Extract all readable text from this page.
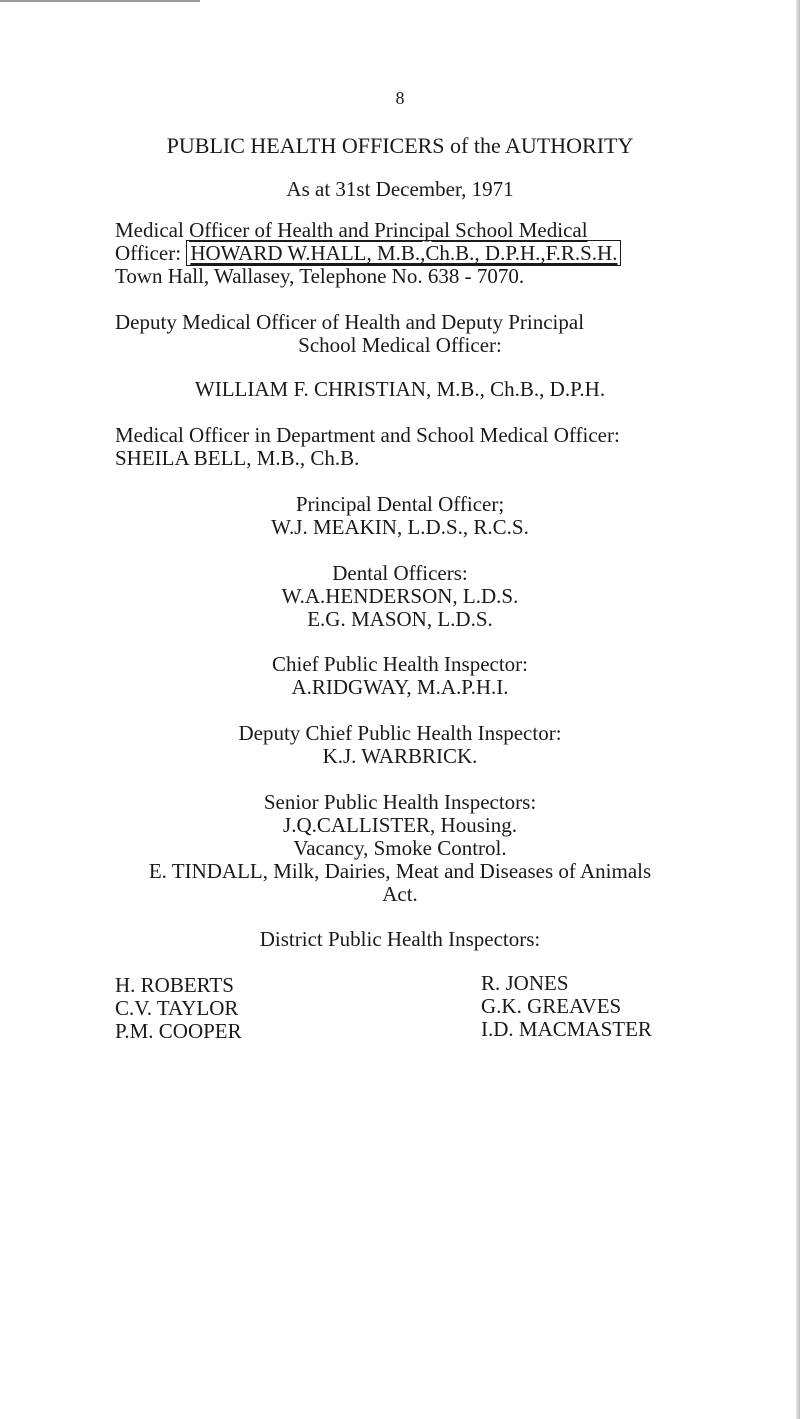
8
PUBLIC HEALTH OFFICERS of the AUTHORITY
As at 31st December, 1971
Medical Officer of Health and Principal School Medical
Officer: HOWARD W.HALL, M.B.,Ch.B., D.P.H.,F.R.S.H.
Town Hall, Wallasey, Telephone No. 638 - 7070.
Deputy Medical Officer of Health and Deputy Principal
School Medical Officer:
WILLIAM F. CHRISTIAN, M.B., Ch.B., D.P.H.
Medical Officer in Department and School Medical Officer:
SHEILA BELL, M.B., Ch.B.
Principal Dental Officer;
W.J. MEAKIN, L.D.S., R.C.S.
Dental Officers:
W.A.HENDERSON, L.D.S.
E.G. MASON, L.D.S.
Chief Public Health Inspector:
A.RIDGWAY, M.A.P.H.I.
Deputy Chief Public Health Inspector:
K.J. WARBRICK.
Senior Public Health Inspectors:
J.Q.CALLISTER, Housing.
Vacancy, Smoke Control.
E. TINDALL, Milk, Dairies, Meat and Diseases of Animals
Act.
District Public Health Inspectors:
H. ROBERTS
C.V. TAYLOR
P.M. COOPER
R. JONES
G.K. GREAVES
I.D. MACMASTER
